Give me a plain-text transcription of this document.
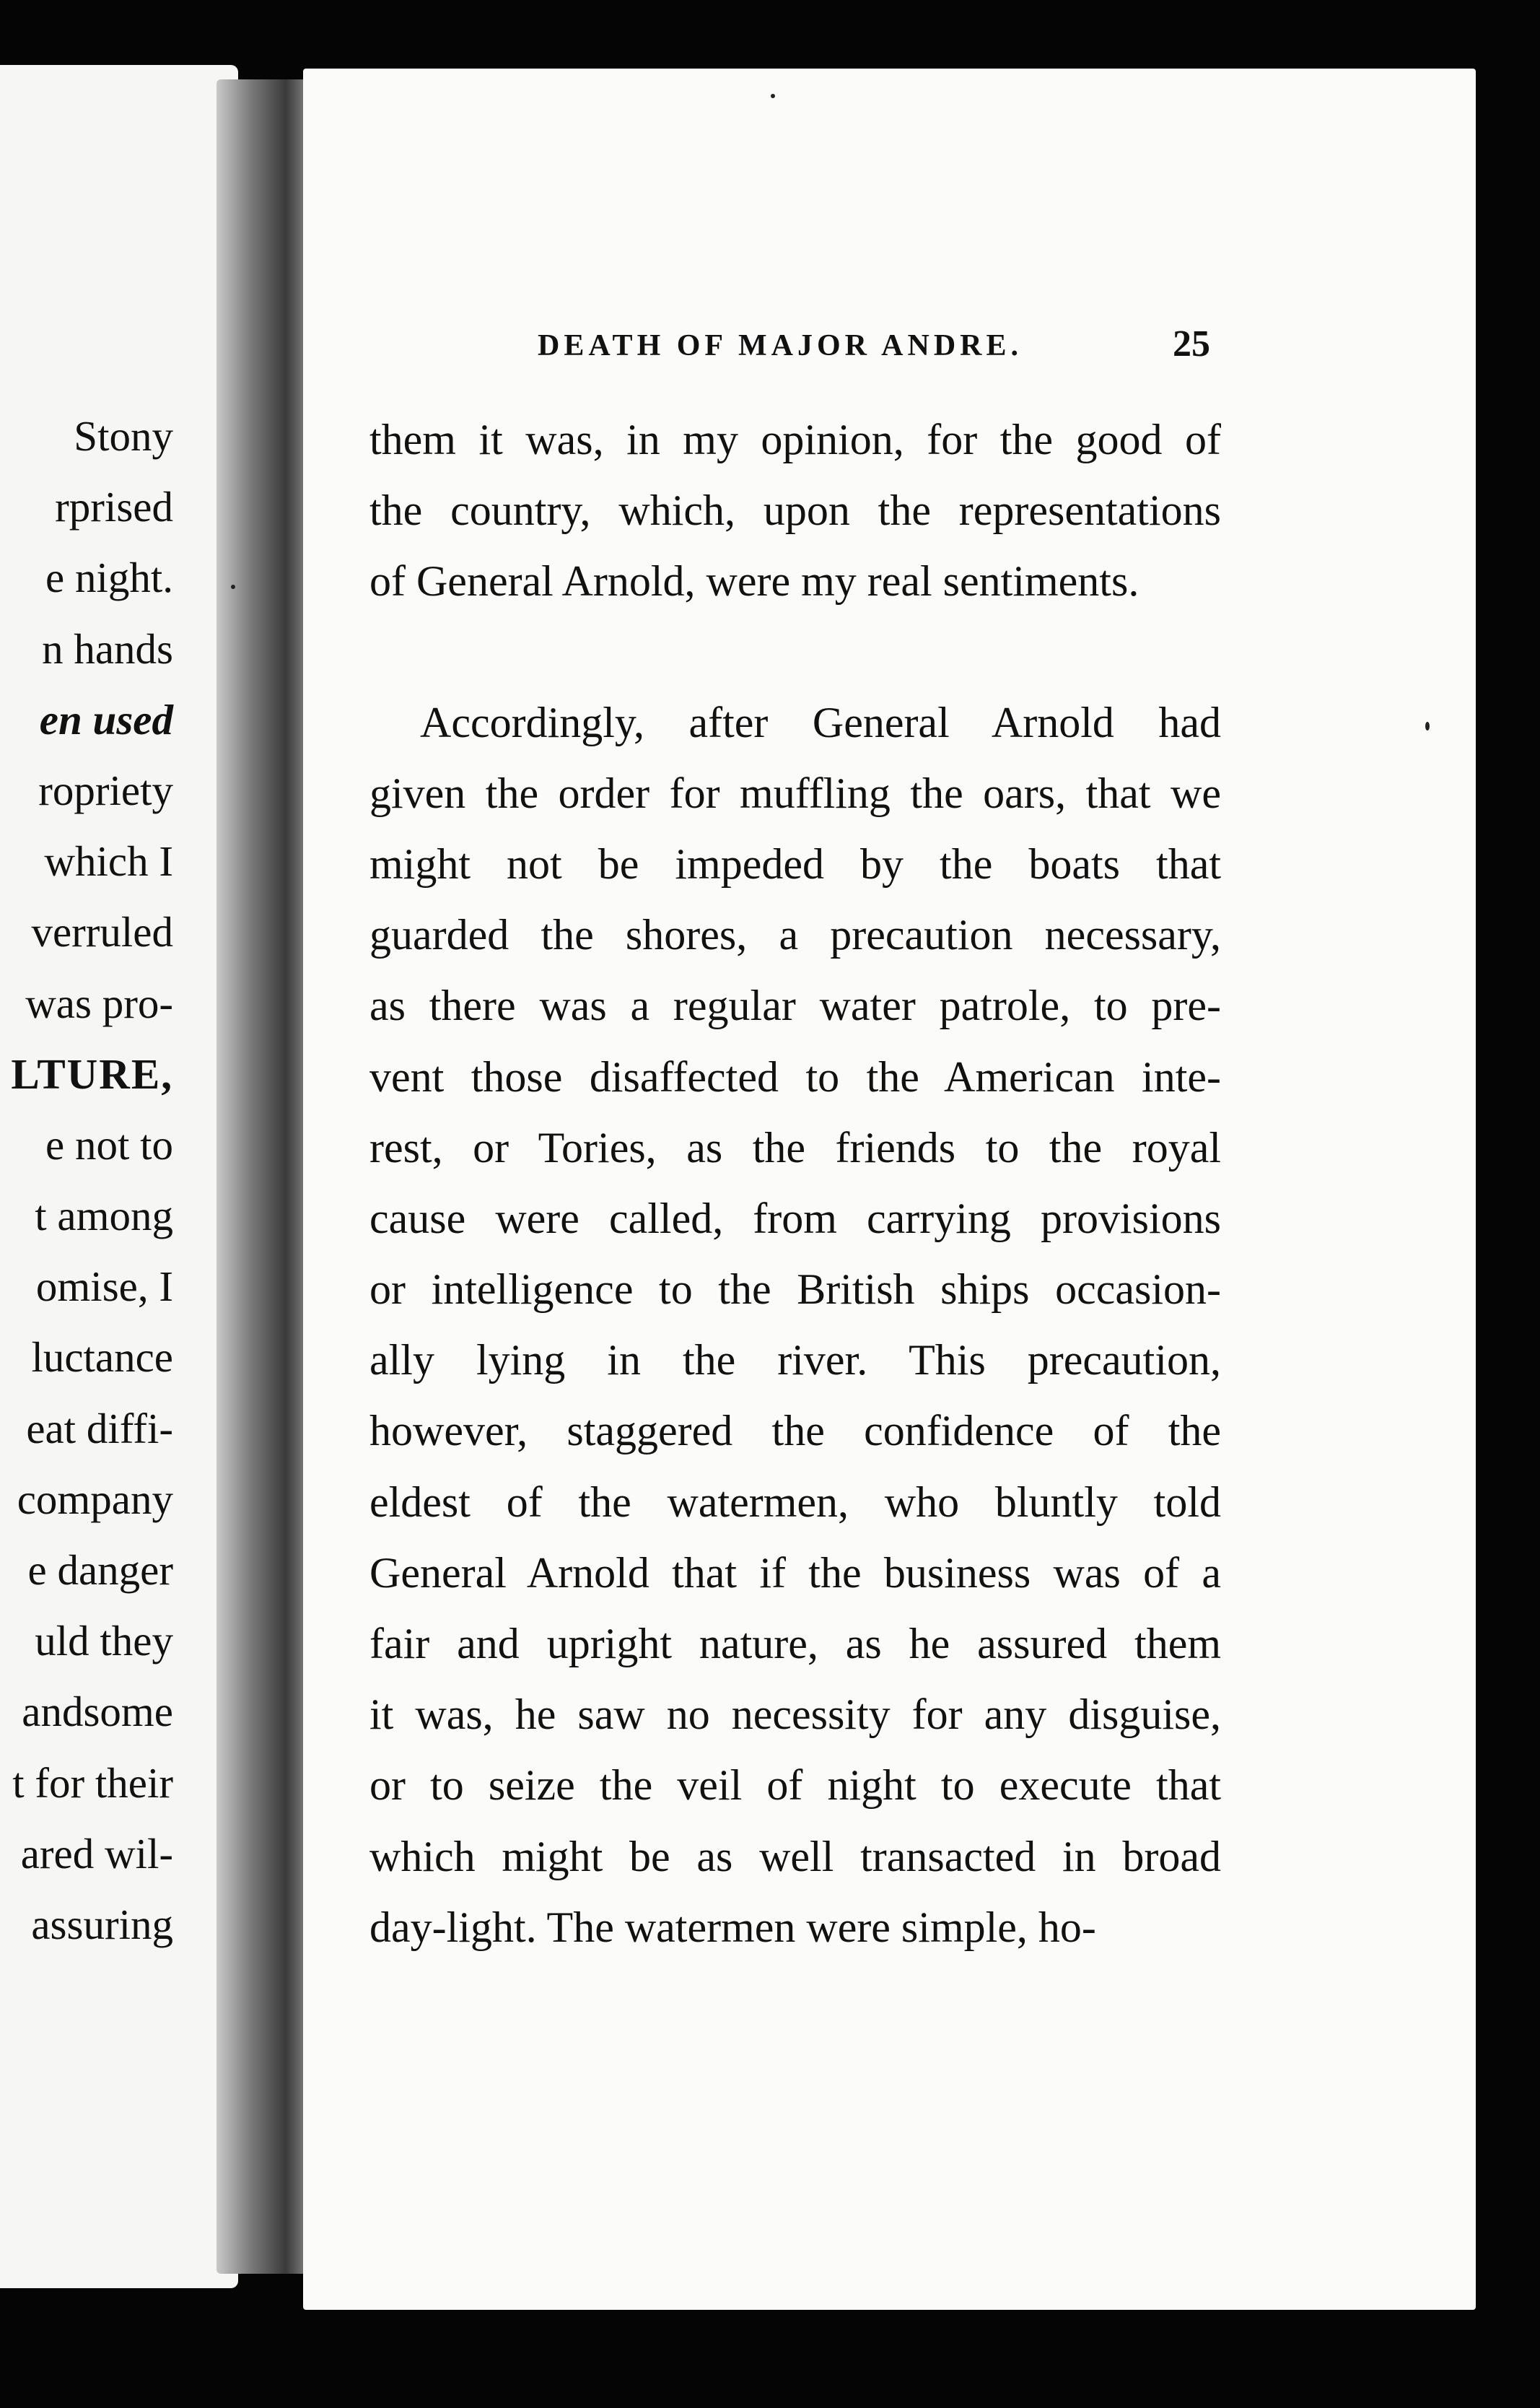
Stony
rprised
e night.
n hands
en used
ropriety
which I
verruled
was pro-
LTURE,
e not to
t among
omise, I
luctance
eat diffi-
company
e danger
uld they
andsome
t for their
ared wil-
assuring
DEATH OF MAJOR ANDRE.	25
them it was, in my opinion, for the good of
the country, which, upon the representations
of General Arnold, were my real sentiments.
Accordingly, after General Arnold had
given the order for muffling the oars, that we
might not be impeded by the boats that
guarded the shores, a precaution necessary,
as there was a regular water patrole, to pre-
vent those disaffected to the American inte-
rest, or Tories, as the friends to the royal
cause were called, from carrying provisions
or intelligence to the British ships occasion-
ally lying in the river. This precaution,
however, staggered the confidence of the
eldest of the watermen, who bluntly told
General Arnold that if the business was of a
fair and upright nature, as he assured them
it was, he saw no necessity for any disguise,
or to seize the veil of night to execute that
which might be as well transacted in broad
day-light. The watermen were simple, ho-
